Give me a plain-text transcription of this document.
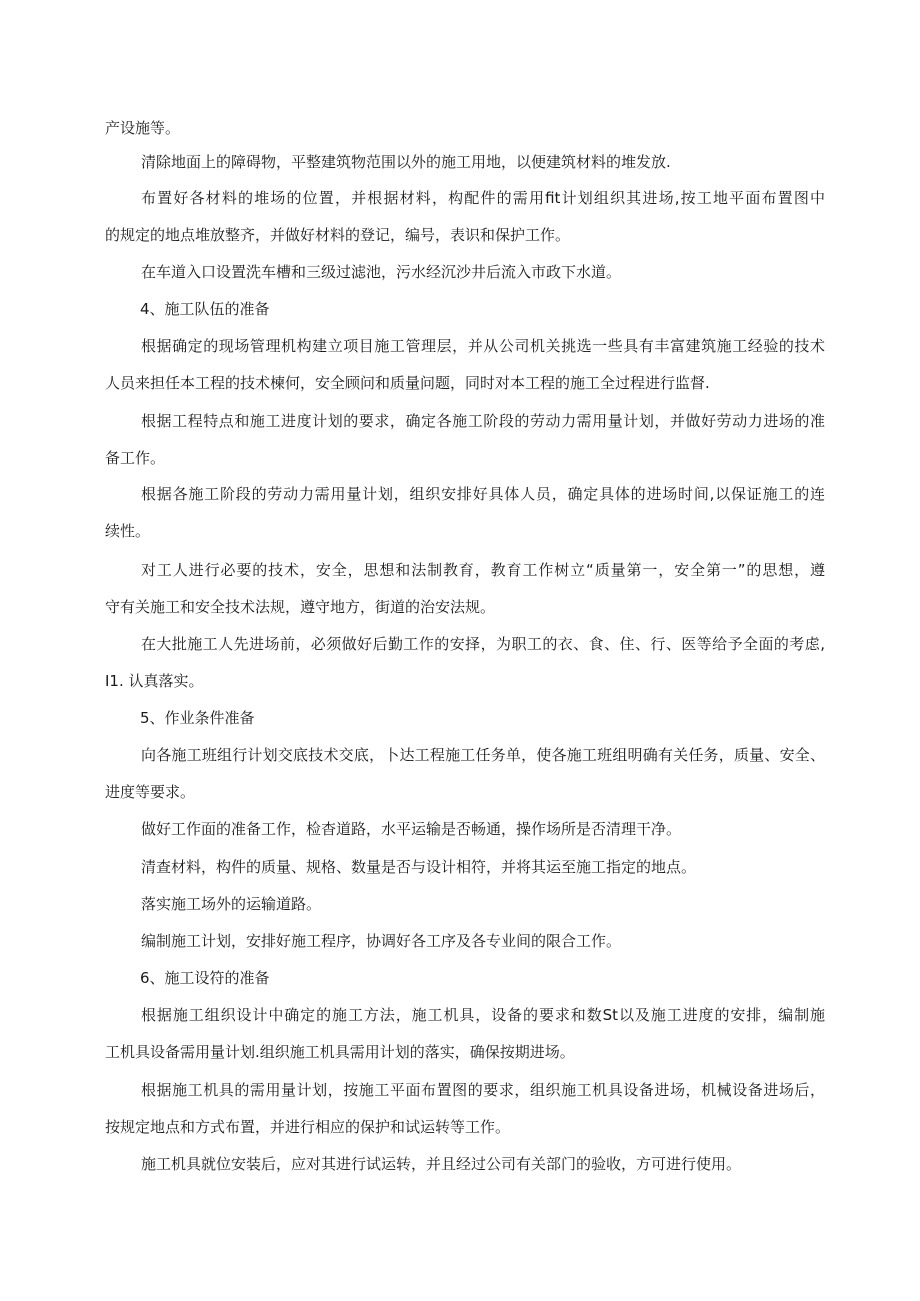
产设施等。
清除地面上的障碍物，平整建筑物范围以外的施工用地，以便建筑材料的堆发放.
布置好各材料的堆场的位置，并根据材料，构配件的需用fit计划组织其进场,按工地平面布置图中
的规定的地点堆放整齐，并做好材料的登记，编号，表识和保护工作。
在车道入口设置洗车槽和三级过滤池，污水经沉沙井后流入市政下水道。
4、施工队伍的准备
根据确定的现场管理机构建立项目施工管理层，并从公司机关挑选一些具有丰富建筑施工经验的技术
人员来担任本工程的技术楝何，安全顾问和质量问题，同时对本工程的施工全过程进行监督.
根据工程特点和施工进度计划的要求，确定各施工阶段的劳动力需用量计划，并做好劳动力进场的准
备工作。
根据各施工阶段的劳动力需用量计划，组织安排好具体人员，确定具体的进场时间,以保证施工的连
续性。
对工人进行必要的技术，安全，思想和法制教育，教育工作树立“质量第一，安全第一”的思想，遵
守有关施工和安全技术法规，遵守地方，街道的治安法规。
在大批施工人先进场前，必须做好后勤工作的安择，为职工的衣、食、住、行、医等给予全面的考虑,
I1. 认真落实。
5、作业条件准备
向各施工班组行计划交底技术交底，卜达工程施工任务单，使各施工班组明确有关任务，质量、安全、
进度等要求。
做好工作面的准备工作，检杳道路，水平运输是否畅通，操作场所是否清理干净。
清查材料，构件的质量、规格、数量是否与设计相符，并将其运至施工指定的地点。
落实施工场外的运输道路。
编制施工计划，安排好施工程序，协调好各工序及各专业间的限合工作。
6、施工设符的准备
根据施工组织设计中确定的施工方法，施工机具，设备的要求和数St以及施工进度的安排，编制施
工机具设备需用量计划.组织施工机具需用计划的落实，确保按期进场。
根据施工机具的需用量计划，按施工平面布置图的要求，组织施工机具设备进场，机械设备进场后，
按规定地点和方式布置，并进行相应的保护和试运转等工作。
施工机具就位安装后，应对其进行试运转，并且经过公司有关部门的验收，方可进行使用。
